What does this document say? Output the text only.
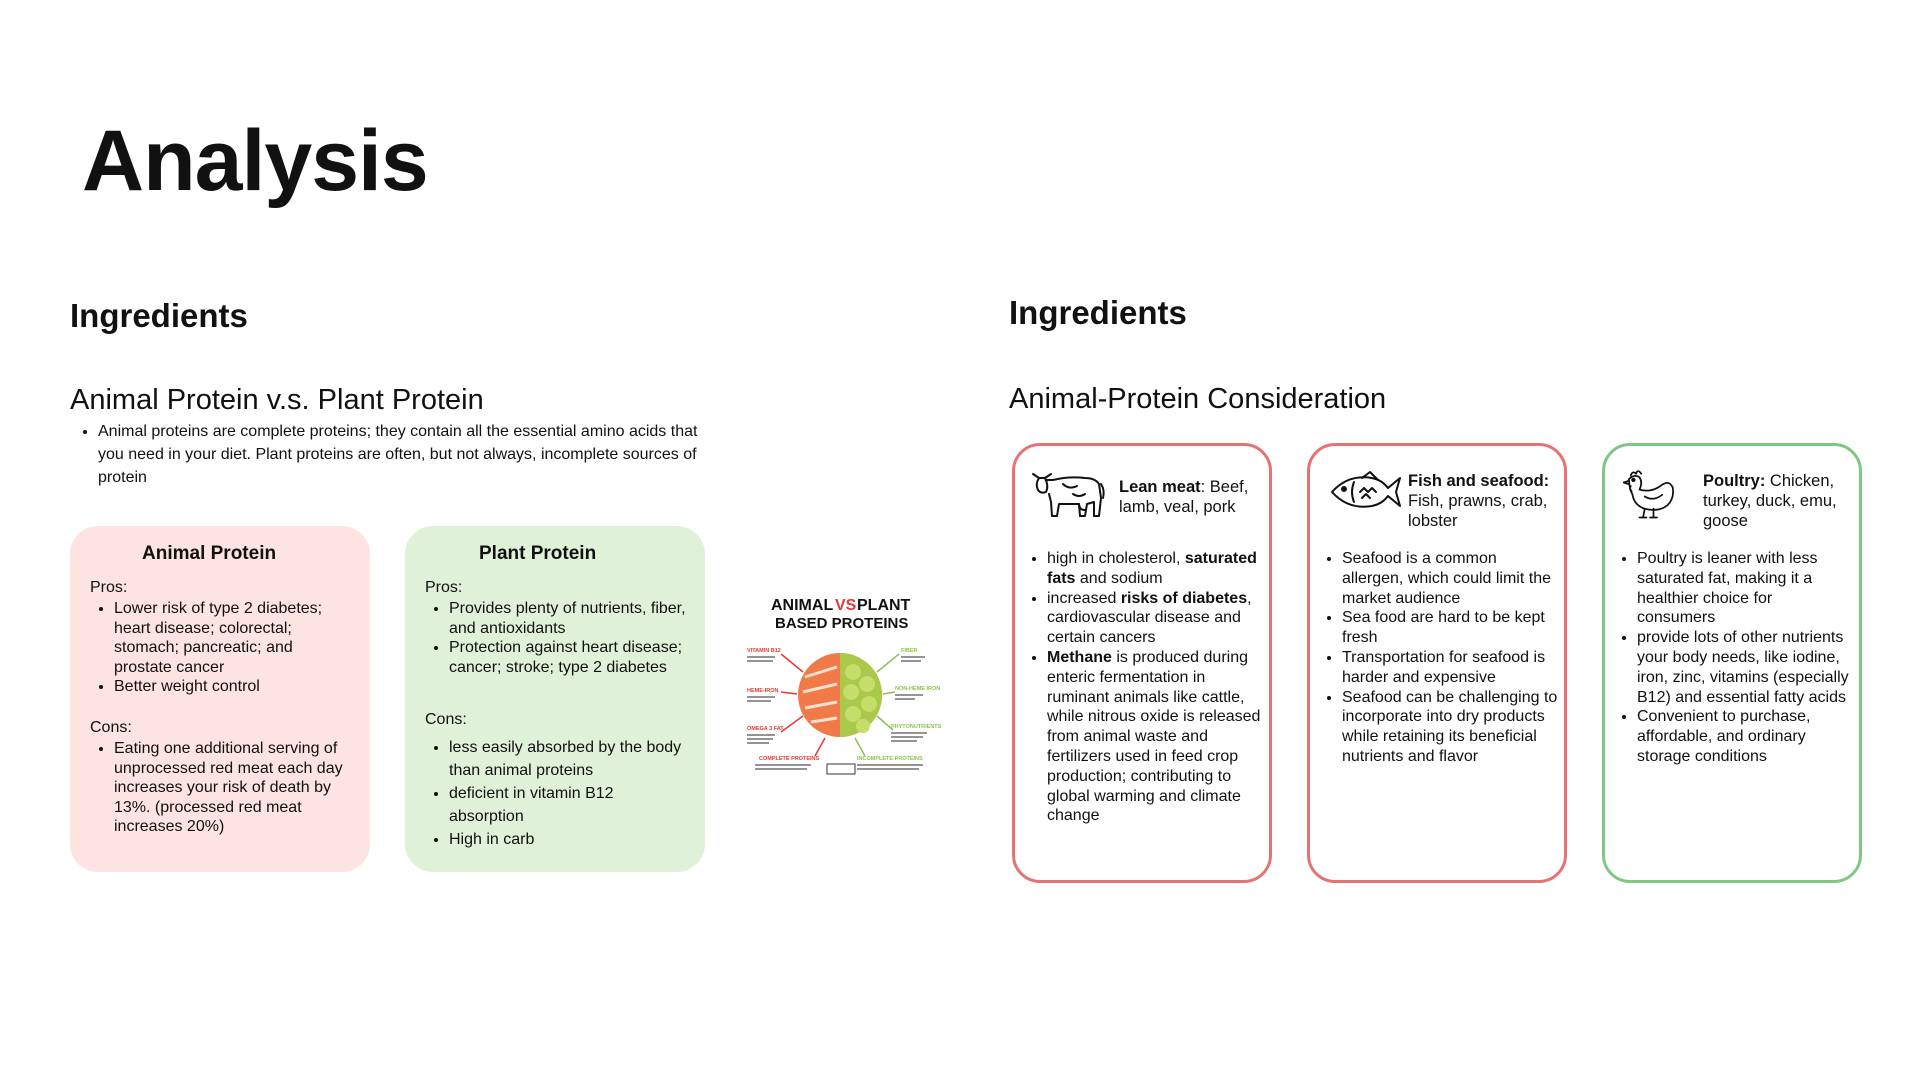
Analysis
Ingredients
Animal Protein v.s. Plant Protein
• Animal proteins are complete proteins; they contain all the essential amino acids that you need in your diet. Plant proteins are often, but not always, incomplete sources of protein
Animal Protein
Pros:
• Lower risk of type 2 diabetes; heart disease; colorectal; stomach; pancreatic; and prostate cancer
• Better weight control
Cons:
• Eating one additional serving of unprocessed red meat each day increases your risk of death by 13%. (processed red meat increases 20%)
Plant Protein
Pros:
• Provides plenty of nutrients, fiber, and antioxidants
• Protection against heart disease; cancer; stroke; type 2 diabetes
Cons:
• less easily absorbed by the body than animal proteins
• deficient in vitamin B12 absorption
• High in carb
ANIMAL VS PLANT
BASED PROTEINS
VITAMIN B12
HEME-IRON
OMEGA 3 FAT
COMPLETE PROTEINS
FIBER
NON-HEME IRON
PHYTONUTRIENTS
INCOMPLETE PROTEINS
Ingredients
Animal-Protein Consideration
Lean meat: Beef, lamb, veal, pork
• high in cholesterol, saturated fats and sodium
• increased risks of diabetes, cardiovascular disease and certain cancers
• Methane is produced during enteric fermentation in ruminant animals like cattle, while nitrous oxide is released from animal waste and fertilizers used in feed crop production; contributing to global warming and climate change
Fish and seafood: Fish, prawns, crab, lobster
• Seafood is a common allergen, which could limit the market audience
• Sea food are hard to be kept fresh
• Transportation for seafood is harder and expensive
• Seafood can be challenging to incorporate into dry products while retaining its beneficial nutrients and flavor
Poultry: Chicken, turkey, duck, emu, goose
• Poultry is leaner with less saturated fat, making it a healthier choice for consumers
• provide lots of other nutrients your body needs, like iodine, iron, zinc, vitamins (especially B12) and essential fatty acids
• Convenient to purchase, affordable, and ordinary storage conditions
